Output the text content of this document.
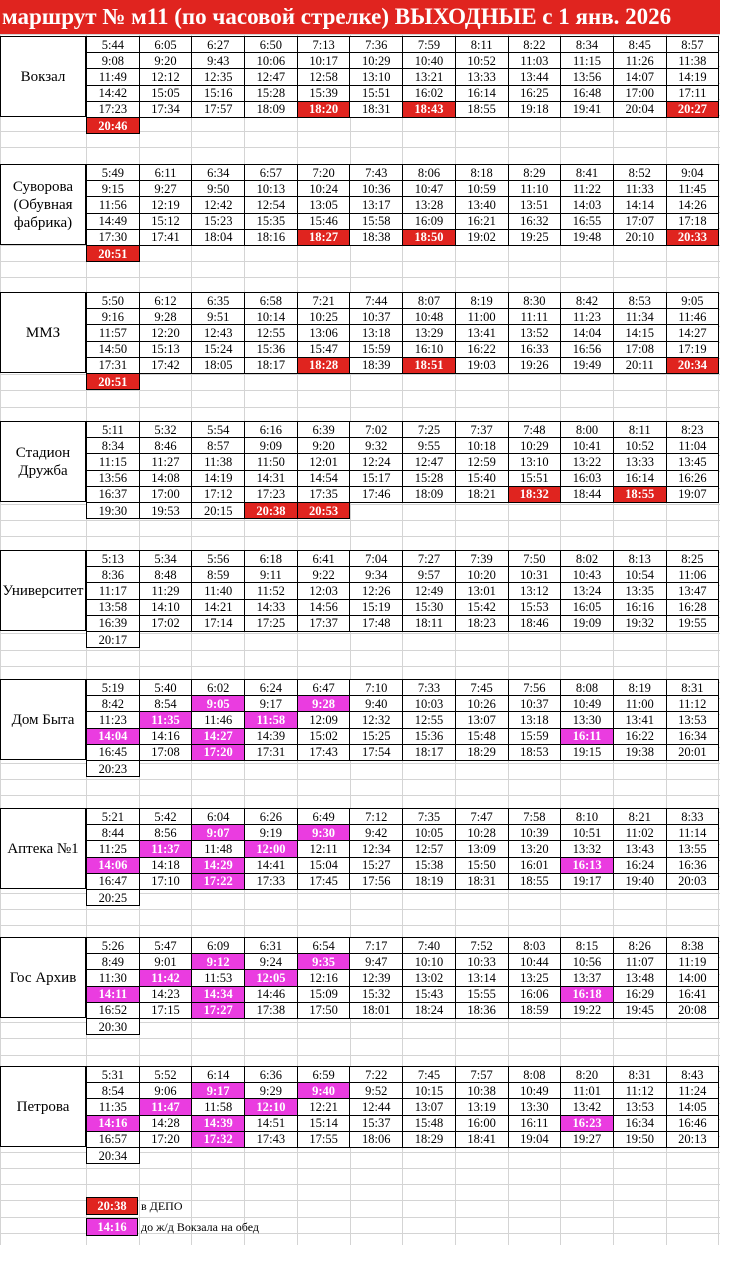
маршрут № м11 (по часовой стрелке) ВЫХОДНЫЕ с 1 янв. 2026
Вокзал
5:44	6:05	6:27	6:50	7:13	7:36	7:59	8:11	8:22	8:34	8:45	8:57
9:08	9:20	9:43	10:06	10:17	10:29	10:40	10:52	11:03	11:15	11:26	11:38
11:49	12:12	12:35	12:47	12:58	13:10	13:21	13:33	13:44	13:56	14:07	14:19
14:42	15:05	15:16	15:28	15:39	15:51	16:02	16:14	16:25	16:48	17:00	17:11
17:23	17:34	17:57	18:09	18:20	18:31	18:43	18:55	19:18	19:41	20:04	20:27
20:46											
Суворова (Обувная фабрика)
5:49	6:11	6:34	6:57	7:20	7:43	8:06	8:18	8:29	8:41	8:52	9:04
9:15	9:27	9:50	10:13	10:24	10:36	10:47	10:59	11:10	11:22	11:33	11:45
11:56	12:19	12:42	12:54	13:05	13:17	13:28	13:40	13:51	14:03	14:14	14:26
14:49	15:12	15:23	15:35	15:46	15:58	16:09	16:21	16:32	16:55	17:07	17:18
17:30	17:41	18:04	18:16	18:27	18:38	18:50	19:02	19:25	19:48	20:10	20:33
20:51											
ММЗ
5:50	6:12	6:35	6:58	7:21	7:44	8:07	8:19	8:30	8:42	8:53	9:05
9:16	9:28	9:51	10:14	10:25	10:37	10:48	11:00	11:11	11:23	11:34	11:46
11:57	12:20	12:43	12:55	13:06	13:18	13:29	13:41	13:52	14:04	14:15	14:27
14:50	15:13	15:24	15:36	15:47	15:59	16:10	16:22	16:33	16:56	17:08	17:19
17:31	17:42	18:05	18:17	18:28	18:39	18:51	19:03	19:26	19:49	20:11	20:34
20:51											
Стадион Дружба
5:11	5:32	5:54	6:16	6:39	7:02	7:25	7:37	7:48	8:00	8:11	8:23
8:34	8:46	8:57	9:09	9:20	9:32	9:55	10:18	10:29	10:41	10:52	11:04
11:15	11:27	11:38	11:50	12:01	12:24	12:47	12:59	13:10	13:22	13:33	13:45
13:56	14:08	14:19	14:31	14:54	15:17	15:28	15:40	15:51	16:03	16:14	16:26
16:37	17:00	17:12	17:23	17:35	17:46	18:09	18:21	18:32	18:44	18:55	19:07
19:30	19:53	20:15	20:38	20:53							
Университет
5:13	5:34	5:56	6:18	6:41	7:04	7:27	7:39	7:50	8:02	8:13	8:25
8:36	8:48	8:59	9:11	9:22	9:34	9:57	10:20	10:31	10:43	10:54	11:06
11:17	11:29	11:40	11:52	12:03	12:26	12:49	13:01	13:12	13:24	13:35	13:47
13:58	14:10	14:21	14:33	14:56	15:19	15:30	15:42	15:53	16:05	16:16	16:28
16:39	17:02	17:14	17:25	17:37	17:48	18:11	18:23	18:46	19:09	19:32	19:55
20:17											
Дом Быта
5:19	5:40	6:02	6:24	6:47	7:10	7:33	7:45	7:56	8:08	8:19	8:31
8:42	8:54	9:05	9:17	9:28	9:40	10:03	10:26	10:37	10:49	11:00	11:12
11:23	11:35	11:46	11:58	12:09	12:32	12:55	13:07	13:18	13:30	13:41	13:53
14:04	14:16	14:27	14:39	15:02	15:25	15:36	15:48	15:59	16:11	16:22	16:34
16:45	17:08	17:20	17:31	17:43	17:54	18:17	18:29	18:53	19:15	19:38	20:01
20:23											
Аптека №1
5:21	5:42	6:04	6:26	6:49	7:12	7:35	7:47	7:58	8:10	8:21	8:33
8:44	8:56	9:07	9:19	9:30	9:42	10:05	10:28	10:39	10:51	11:02	11:14
11:25	11:37	11:48	12:00	12:11	12:34	12:57	13:09	13:20	13:32	13:43	13:55
14:06	14:18	14:29	14:41	15:04	15:27	15:38	15:50	16:01	16:13	16:24	16:36
16:47	17:10	17:22	17:33	17:45	17:56	18:19	18:31	18:55	19:17	19:40	20:03
20:25											
Гос Архив
5:26	5:47	6:09	6:31	6:54	7:17	7:40	7:52	8:03	8:15	8:26	8:38
8:49	9:01	9:12	9:24	9:35	9:47	10:10	10:33	10:44	10:56	11:07	11:19
11:30	11:42	11:53	12:05	12:16	12:39	13:02	13:14	13:25	13:37	13:48	14:00
14:11	14:23	14:34	14:46	15:09	15:32	15:43	15:55	16:06	16:18	16:29	16:41
16:52	17:15	17:27	17:38	17:50	18:01	18:24	18:36	18:59	19:22	19:45	20:08
20:30											
Петрова
5:31	5:52	6:14	6:36	6:59	7:22	7:45	7:57	8:08	8:20	8:31	8:43
8:54	9:06	9:17	9:29	9:40	9:52	10:15	10:38	10:49	11:01	11:12	11:24
11:35	11:47	11:58	12:10	12:21	12:44	13:07	13:19	13:30	13:42	13:53	14:05
14:16	14:28	14:39	14:51	15:14	15:37	15:48	16:00	16:11	16:23	16:34	16:46
16:57	17:20	17:32	17:43	17:55	18:06	18:29	18:41	19:04	19:27	19:50	20:13
20:34											
20:38	в ДЕПО
14:16	до ж/д Вокзала на обед
